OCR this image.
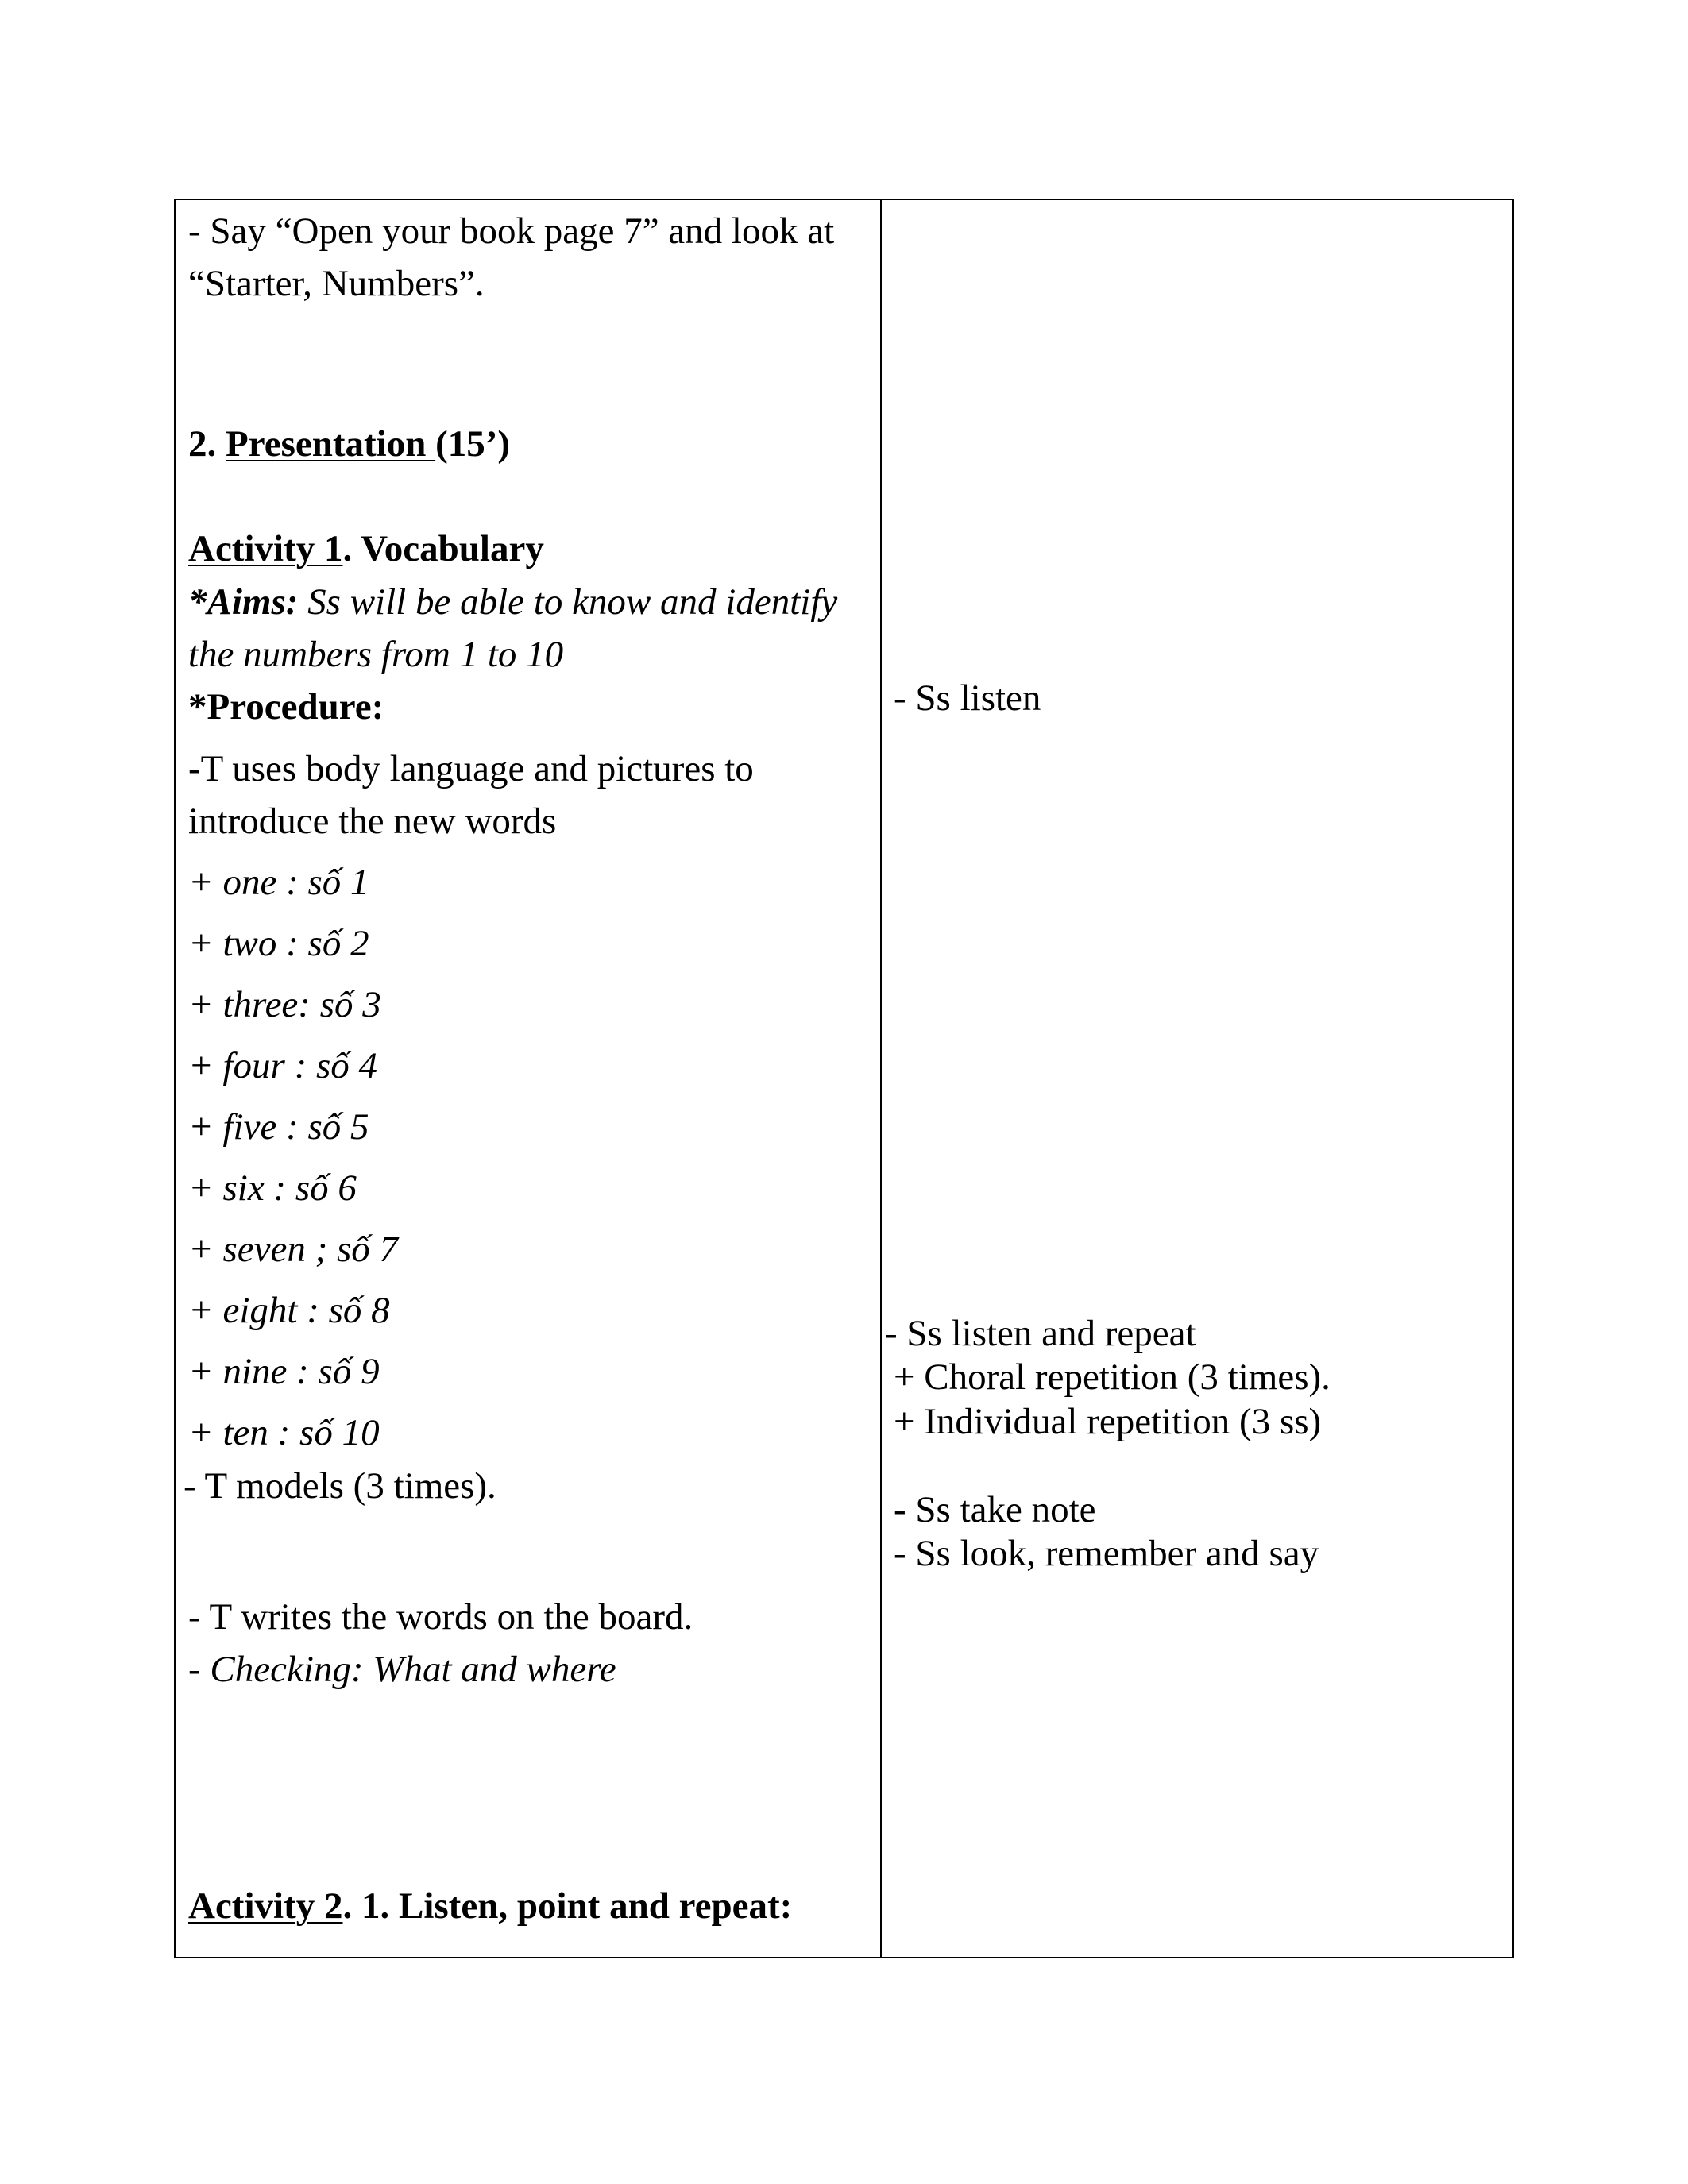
- Say “Open your book page 7” and look at
“Starter, Numbers”.
2. Presentation (15’)
Activity 1. Vocabulary
*Aims: Ss will be able to know and identify
the numbers from 1 to 10
*Procedure:
-T uses body language and pictures to
introduce the new words
+ one : số 1
+ two : số 2
+ three: số 3
+ four : số 4
+ five : số 5
+ six : số 6
+ seven ; số 7
+ eight : số 8
+ nine : số 9
+ ten : số 10
- T models (3 times).
- T writes the words on the board.
- Checking: What and where
Activity 2. 1. Listen, point and repeat:
- Ss listen
- Ss listen and repeat
+ Choral repetition (3 times).
+ Individual repetition (3 ss)
- Ss take note
- Ss look, remember and say
